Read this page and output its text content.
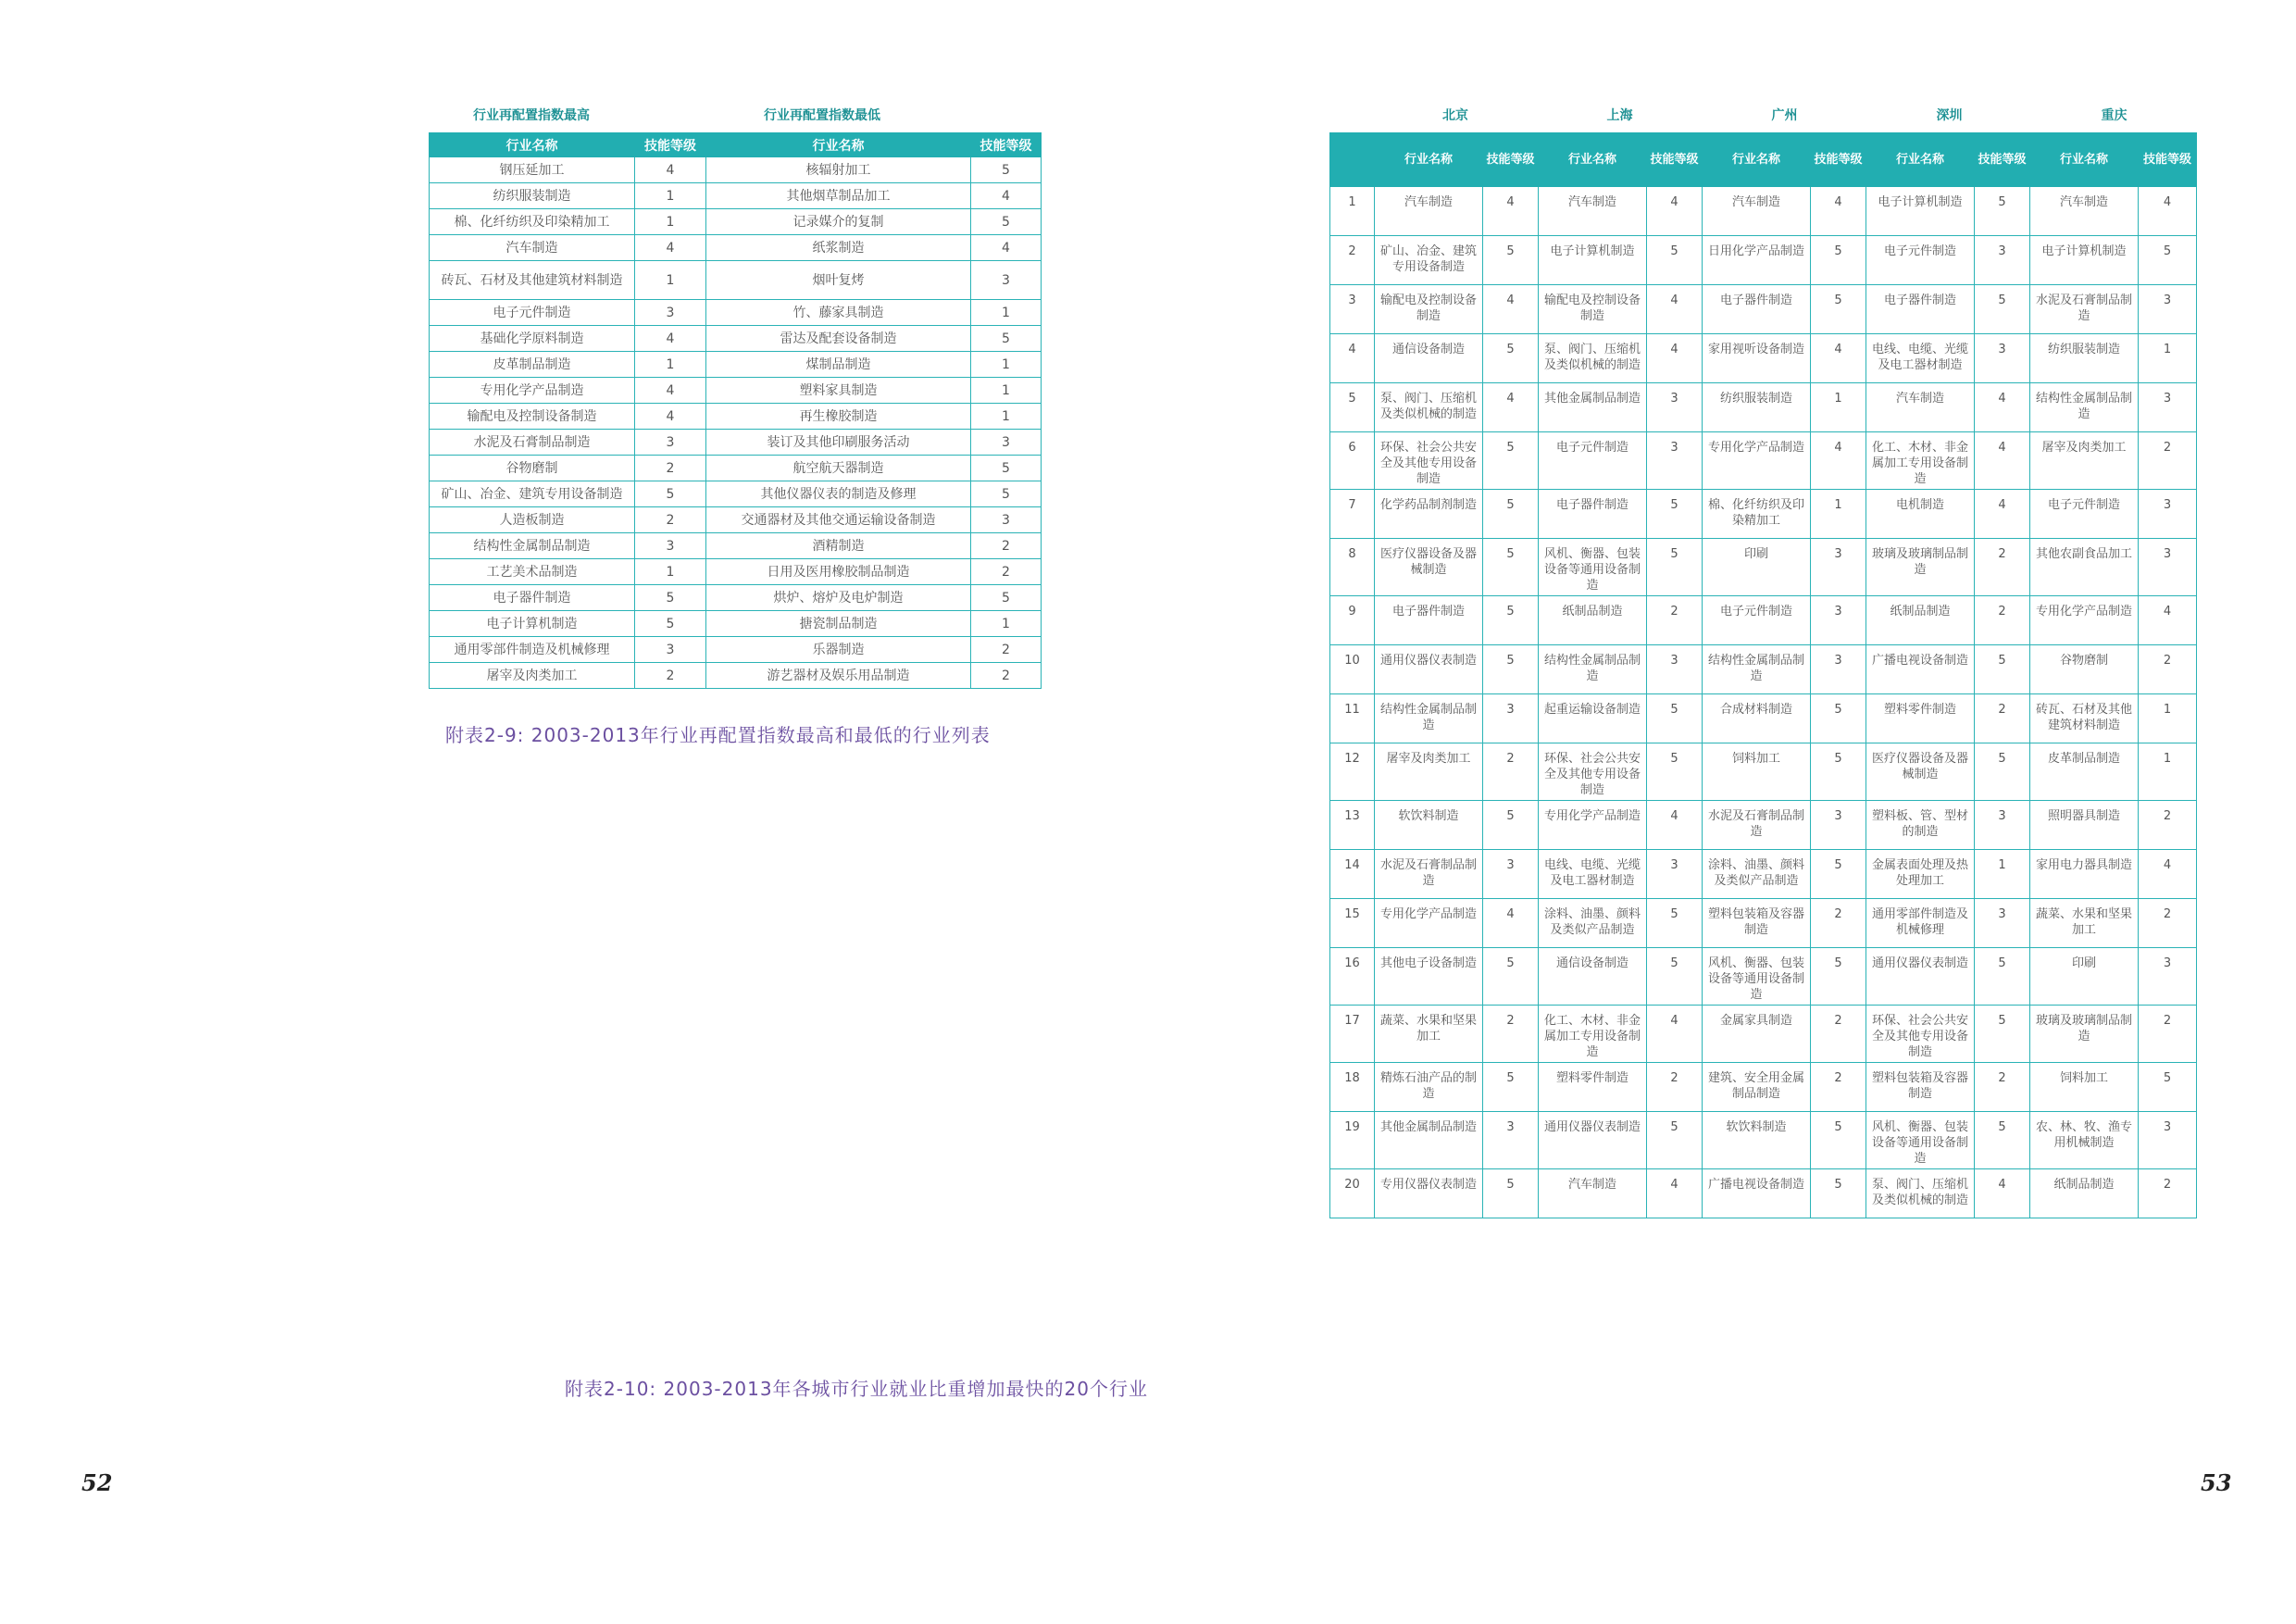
行业再配置指数最高	行业再配置指数最低
行业名称	技能等级	行业名称	技能等级
钢压延加工	4	核辐射加工	5
纺织服装制造	1	其他烟草制品加工	4
棉、化纤纺织及印染精加工	1	记录媒介的复制	5
汽车制造	4	纸浆制造	4
砖瓦、石材及其他建筑材料制造	1	烟叶复烤	3
电子元件制造	3	竹、藤家具制造	1
基础化学原料制造	4	雷达及配套设备制造	5
皮革制品制造	1	煤制品制造	1
专用化学产品制造	4	塑料家具制造	1
输配电及控制设备制造	4	再生橡胶制造	1
水泥及石膏制品制造	3	装订及其他印刷服务活动	3
谷物磨制	2	航空航天器制造	5
矿山、冶金、建筑专用设备制造	5	其他仪器仪表的制造及修理	5
人造板制造	2	交通器材及其他交通运输设备制造	3
结构性金属制品制造	3	酒精制造	2
工艺美术品制造	1	日用及医用橡胶制品制造	2
电子器件制造	5	烘炉、熔炉及电炉制造	5
电子计算机制造	5	搪瓷制品制造	1
通用零部件制造及机械修理	3	乐器制造	2
屠宰及肉类加工	2	游艺器材及娱乐用品制造	2
附表2-9: 2003-2013年行业再配置指数最高和最低的行业列表
52
北京	上海	广州	深圳	重庆
	行业名称	技能等级	行业名称	技能等级	行业名称	技能等级	行业名称	技能等级	行业名称	技能等级
1	汽车制造	4	汽车制造	4	汽车制造	4	电子计算机制造	5	汽车制造	4
2	矿山、冶金、建筑专用设备制造	5	电子计算机制造	5	日用化学产品制造	5	电子元件制造	3	电子计算机制造	5
3	输配电及控制设备制造	4	输配电及控制设备制造	4	电子器件制造	5	电子器件制造	5	水泥及石膏制品制造	3
4	通信设备制造	5	泵、阀门、压缩机及类似机械的制造	4	家用视听设备制造	4	电线、电缆、光缆及电工器材制造	3	纺织服装制造	1
5	泵、阀门、压缩机及类似机械的制造	4	其他金属制品制造	3	纺织服装制造	1	汽车制造	4	结构性金属制品制造	3
6	环保、社会公共安全及其他专用设备制造	5	电子元件制造	3	专用化学产品制造	4	化工、木材、非金属加工专用设备制造	4	屠宰及肉类加工	2
7	化学药品制剂制造	5	电子器件制造	5	棉、化纤纺织及印染精加工	1	电机制造	4	电子元件制造	3
8	医疗仪器设备及器械制造	5	风机、衡器、包装设备等通用设备制造	5	印刷	3	玻璃及玻璃制品制造	2	其他农副食品加工	3
9	电子器件制造	5	纸制品制造	2	电子元件制造	3	纸制品制造	2	专用化学产品制造	4
10	通用仪器仪表制造	5	结构性金属制品制造	3	结构性金属制品制造	3	广播电视设备制造	5	谷物磨制	2
11	结构性金属制品制造	3	起重运输设备制造	5	合成材料制造	5	塑料零件制造	2	砖瓦、石材及其他建筑材料制造	1
12	屠宰及肉类加工	2	环保、社会公共安全及其他专用设备制造	5	饲料加工	5	医疗仪器设备及器械制造	5	皮革制品制造	1
13	软饮料制造	5	专用化学产品制造	4	水泥及石膏制品制造	3	塑料板、管、型材的制造	3	照明器具制造	2
14	水泥及石膏制品制造	3	电线、电缆、光缆及电工器材制造	3	涂料、油墨、颜料及类似产品制造	5	金属表面处理及热处理加工	1	家用电力器具制造	4
15	专用化学产品制造	4	涂料、油墨、颜料及类似产品制造	5	塑料包装箱及容器制造	2	通用零部件制造及机械修理	3	蔬菜、水果和坚果加工	2
16	其他电子设备制造	5	通信设备制造	5	风机、衡器、包装设备等通用设备制造	5	通用仪器仪表制造	5	印刷	3
17	蔬菜、水果和坚果加工	2	化工、木材、非金属加工专用设备制造	4	金属家具制造	2	环保、社会公共安全及其他专用设备制造	5	玻璃及玻璃制品制造	2
18	精炼石油产品的制造	5	塑料零件制造	2	建筑、安全用金属制品制造	2	塑料包装箱及容器制造	2	饲料加工	5
19	其他金属制品制造	3	通用仪器仪表制造	5	软饮料制造	5	风机、衡器、包装设备等通用设备制造	5	农、林、牧、渔专用机械制造	3
20	专用仪器仪表制造	5	汽车制造	4	广播电视设备制造	5	泵、阀门、压缩机及类似机械的制造	4	纸制品制造	2
附表2-10: 2003-2013年各城市行业就业比重增加最快的20个行业
53
